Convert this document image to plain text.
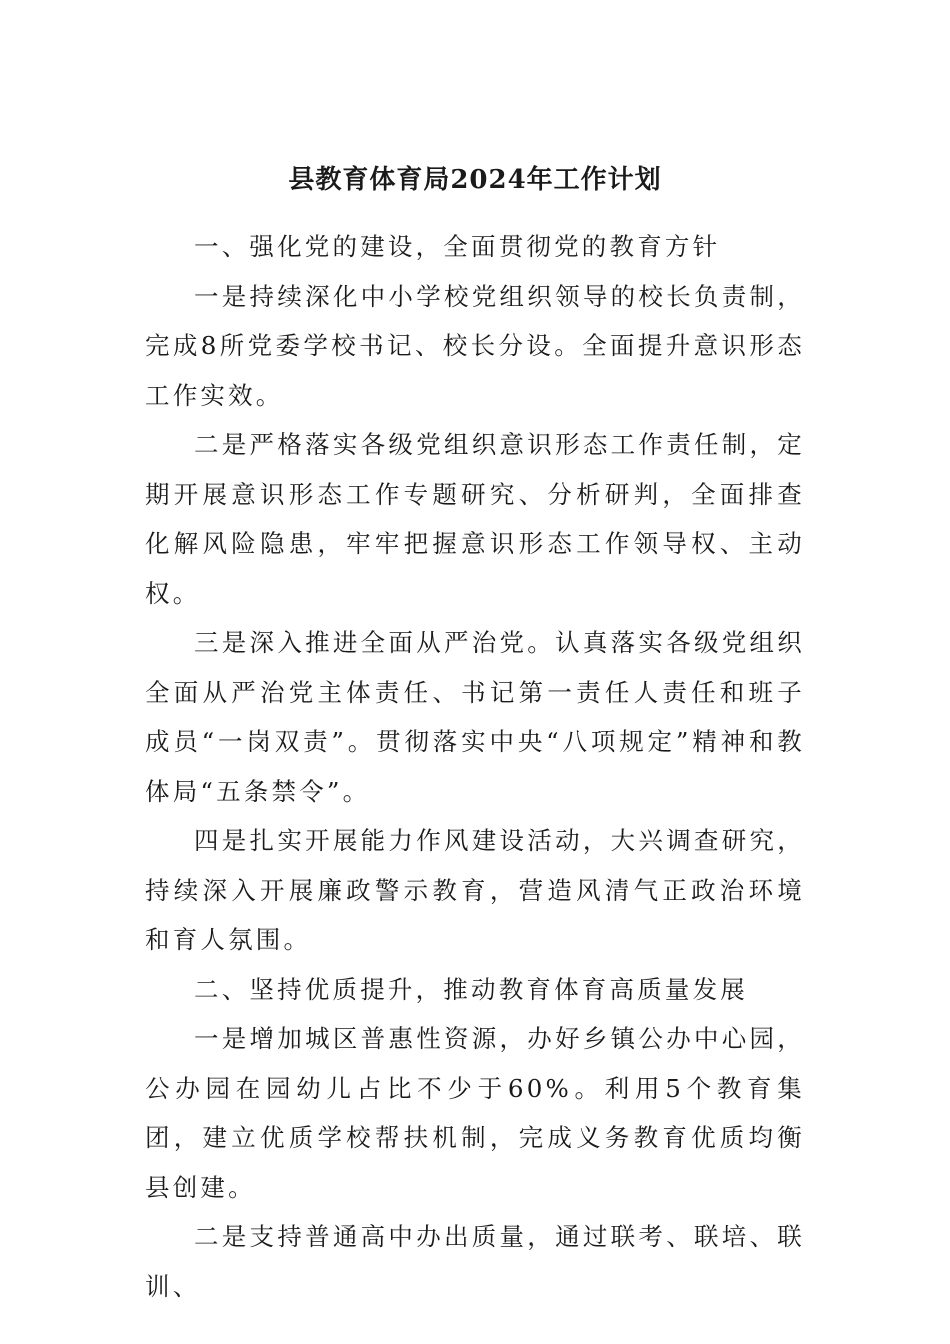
县教育体育局2024年工作计划

一、强化党的建设，全面贯彻党的教育方针

一是持续深化中小学校党组织领导的校长负责制，完成8所党委学校书记、校长分设。全面提升意识形态工作实效。

二是严格落实各级党组织意识形态工作责任制，定期开展意识形态工作专题研究、分析研判，全面排查化解风险隐患，牢牢把握意识形态工作领导权、主动权。

三是深入推进全面从严治党。认真落实各级党组织全面从严治党主体责任、书记第一责任人责任和班子成员“一岗双责”。贯彻落实中央“八项规定”精神和教体局“五条禁令”。

四是扎实开展能力作风建设活动，大兴调查研究，持续深入开展廉政警示教育，营造风清气正政治环境和育人氛围。

二、坚持优质提升，推动教育体育高质量发展

一是增加城区普惠性资源，办好乡镇公办中心园，公办园在园幼儿占比不少于60%。利用5个教育集团，建立优质学校帮扶机制，完成义务教育优质均衡县创建。

二是支持普通高中办出质量，通过联考、联培、联训、
